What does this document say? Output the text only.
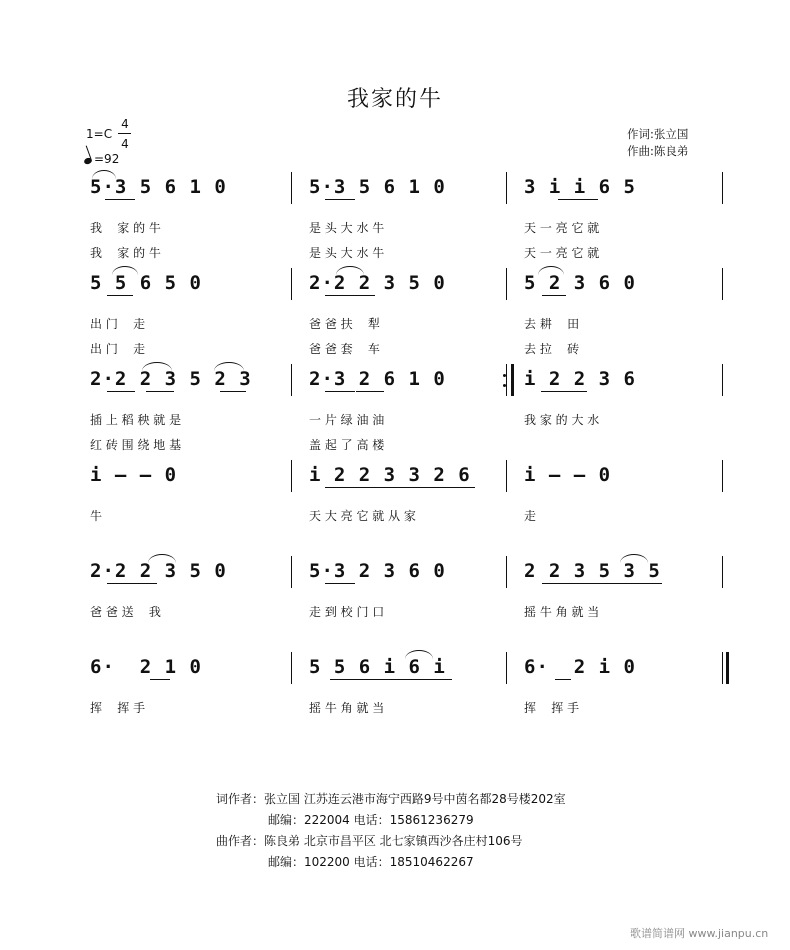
我家的牛
作词:张立国
作曲:陈良弟
1=C
4
4
=92
5·3 5 6 1 0
我    家 的 牛
我    家 的 牛
5·3 5 6 1 0
是 头 大 水 牛
是 头 大 水 牛
3 i i 6 5
天 一 亮 它 就
天 一 亮 它 就
5 5 6 5 0
出 门    走
出 门    走
2·2 2 3 5 0
爸 爸 扶    犁
爸 爸 套    车
5 2 3 6 0
去 耕    田
去 拉    砖
2·2 2 3 5 2 3
插 上 稻 秧 就 是
红 砖 围 绕 地 基
2·3 2 6 1 0
一 片 绿 油 油
盖 起 了 高 楼
i 2 2 3 6
我 家 的 大 水
i – – 0
牛
i 2 2 3 3 2 6
天 大 亮 它 就 从 家
i – – 0
走
2·2 2 3 5 0
爸 爸 送    我
5·3 2 3 6 0
走 到 校 门 口
2 2 3 5 3 5
摇 牛 角 就 当
6·  2 1 0
挥    挥 手
5 5 6 i 6 i
摇 牛 角 就 当
6·  2 i 0
挥    挥 手
词作者：张立国 江苏连云港市海宁西路9号中茵名都28号楼202室
邮编：222004 电话：15861236279
曲作者：陈良弟 北京市昌平区 北七家镇西沙各庄村106号
邮编：102200 电话：18510462267
歌谱简谱网 www.jianpu.cn
